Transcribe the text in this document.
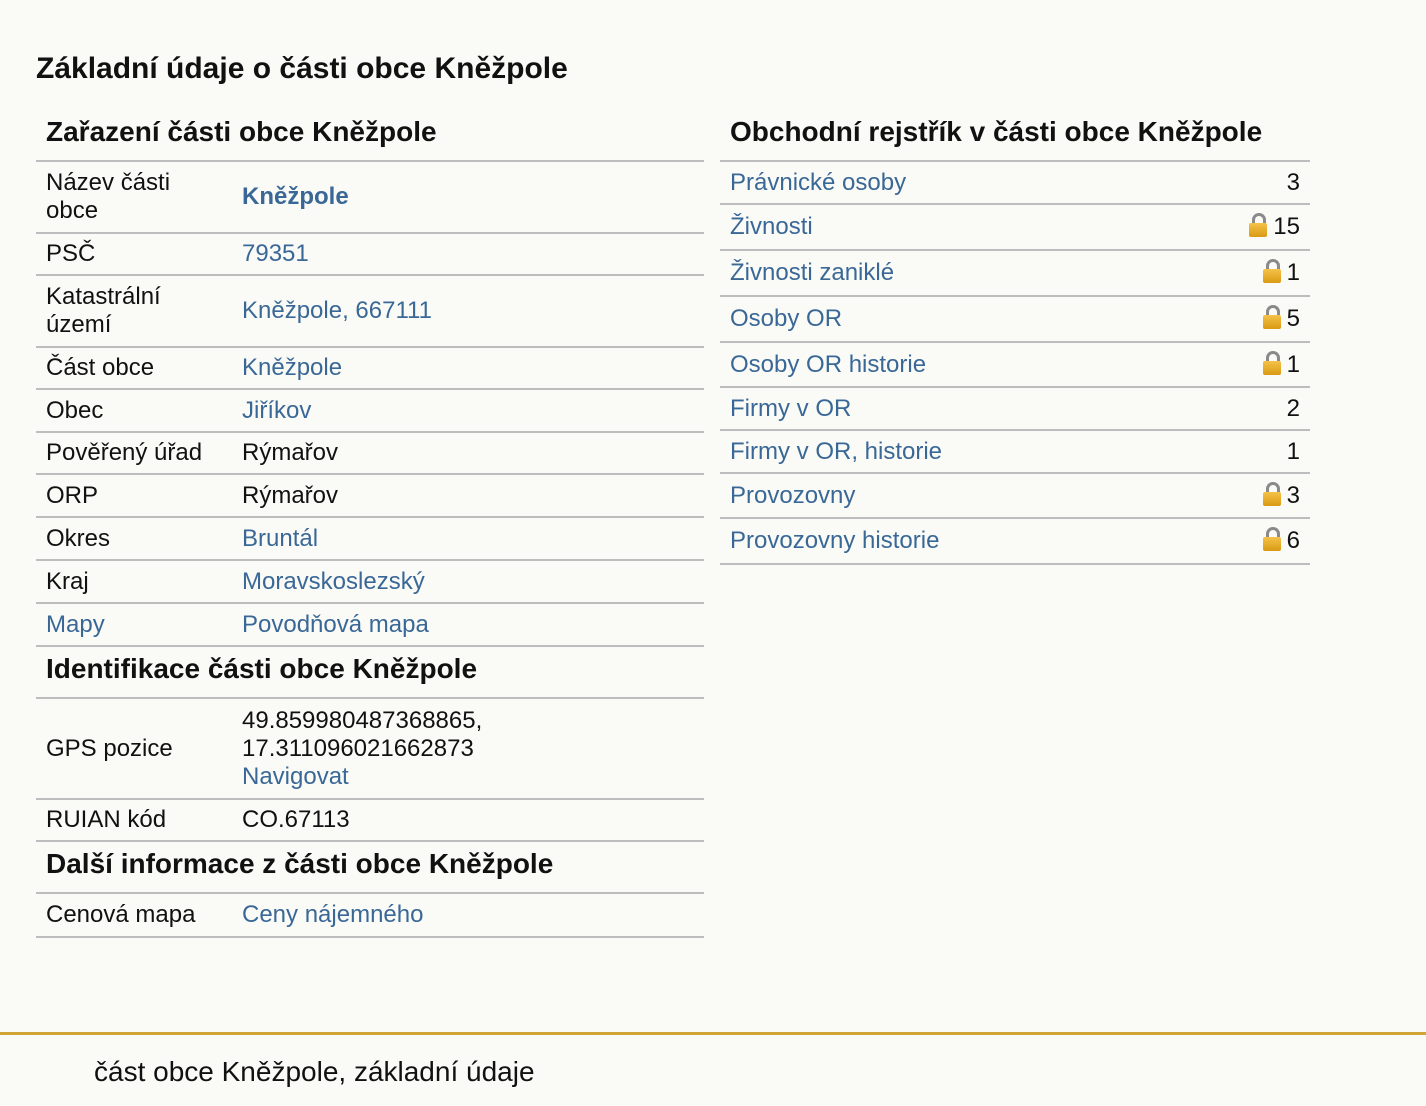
Základní údaje o části obce Kněžpole
Zařazení části obce Kněžpole
Název části obce	Kněžpole
PSČ	79351
Katastrální území	Kněžpole, 667111
Část obce	Kněžpole
Obec	Jiříkov
Pověřený úřad	Rýmařov
ORP	Rýmařov
Okres	Bruntál
Kraj	Moravskoslezský
Mapy	Povodňová mapa
Identifikace části obce Kněžpole
GPS pozice	49.859980487368865,
17.311096021662873
Navigovat
RUIAN kód	CO.67113
Další informace z části obce Kněžpole
Cenová mapa	Ceny nájemného
Obchodní rejstřík v části obce Kněžpole
Právnické osoby	3
Živnosti	15
Živnosti zaniklé	1
Osoby OR	5
Osoby OR historie	1
Firmy v OR	2
Firmy v OR, historie	1
Provozovny	3
Provozovny historie	6
část obce Kněžpole, základní údaje
